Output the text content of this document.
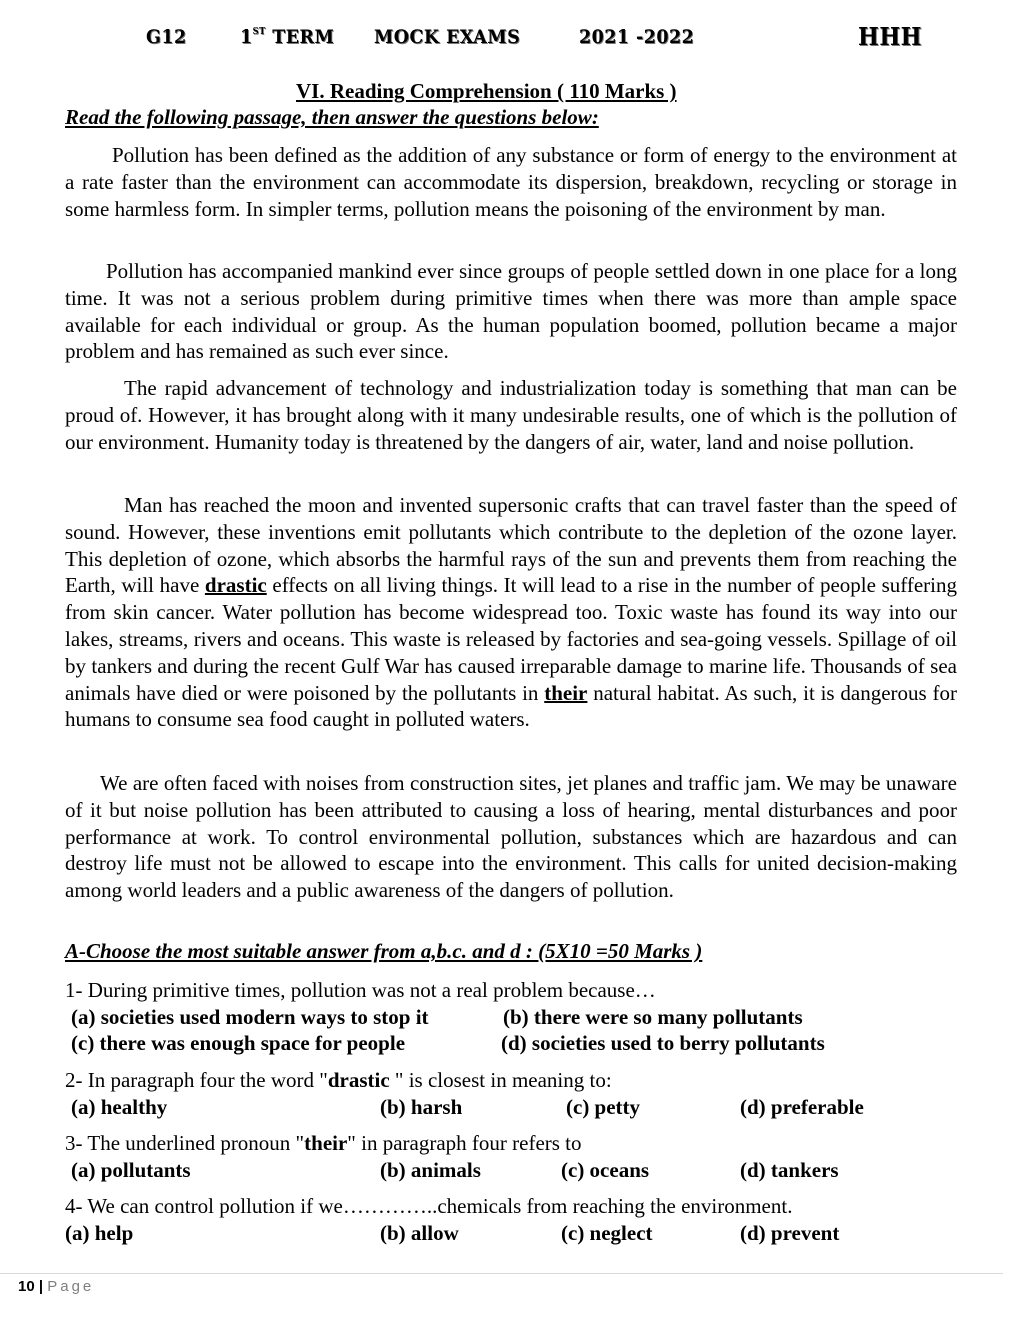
G12	1ST TERM MOCK EXAMS	2021 -2022	HHH
VI. Reading Comprehension ( 110 Marks )
Read the following passage, then answer the questions below:
Pollution has been defined as the addition of any substance or form of energy to the environment at a rate faster than the environment can accommodate its dispersion, breakdown, recycling or storage in some harmless form. In simpler terms, pollution means the poisoning of the environment by man.
Pollution has accompanied mankind ever since groups of people settled down in one place for a long time. It was not a serious problem during primitive times when there was more than ample space available for each individual or group. As the human population boomed, pollution became a major problem and has remained as such ever since.
The rapid advancement of technology and industrialization today is something that man can be proud of. However, it has brought along with it many undesirable results, one of which is the pollution of our environment. Humanity today is threatened by the dangers of air, water, land and noise pollution.
Man has reached the moon and invented supersonic crafts that can travel faster than the speed of sound. However, these inventions emit pollutants which contribute to the depletion of the ozone layer. This depletion of ozone, which absorbs the harmful rays of the sun and prevents them from reaching the Earth, will have drastic effects on all living things. It will lead to a rise in the number of people suffering from skin cancer. Water pollution has become widespread too. Toxic waste has found its way into our lakes, streams, rivers and oceans. This waste is released by factories and sea-going vessels. Spillage of oil by tankers and during the recent Gulf War has caused irreparable damage to marine life. Thousands of sea animals have died or were poisoned by the pollutants in their natural habitat. As such, it is dangerous for humans to consume sea food caught in polluted waters.
We are often faced with noises from construction sites, jet planes and traffic jam. We may be unaware of it but noise pollution has been attributed to causing a loss of hearing, mental disturbances and poor performance at work. To control environmental pollution, substances which are hazardous and can destroy life must not be allowed to escape into the environment. This calls for united decision-making among world leaders and a public awareness of the dangers of pollution.
A-Choose the most suitable answer from a,b.c. and d : (5X10 =50 Marks )
1- During primitive times, pollution was not a real problem because…
(a) societies used modern ways to stop it	(b) there were so many pollutants
(c) there was enough space for people	(d) societies used to berry pollutants
2- In paragraph four the word "drastic " is closest in meaning to:
(a) healthy	(b) harsh	(c) petty	(d) preferable
3- The underlined pronoun "their" in paragraph four refers to
(a) pollutants	(b) animals	(c) oceans	(d) tankers
4- We can control pollution if we…………..chemicals from reaching the environment.
(a) help	(b) allow	(c) neglect	(d) prevent
10 | Page
